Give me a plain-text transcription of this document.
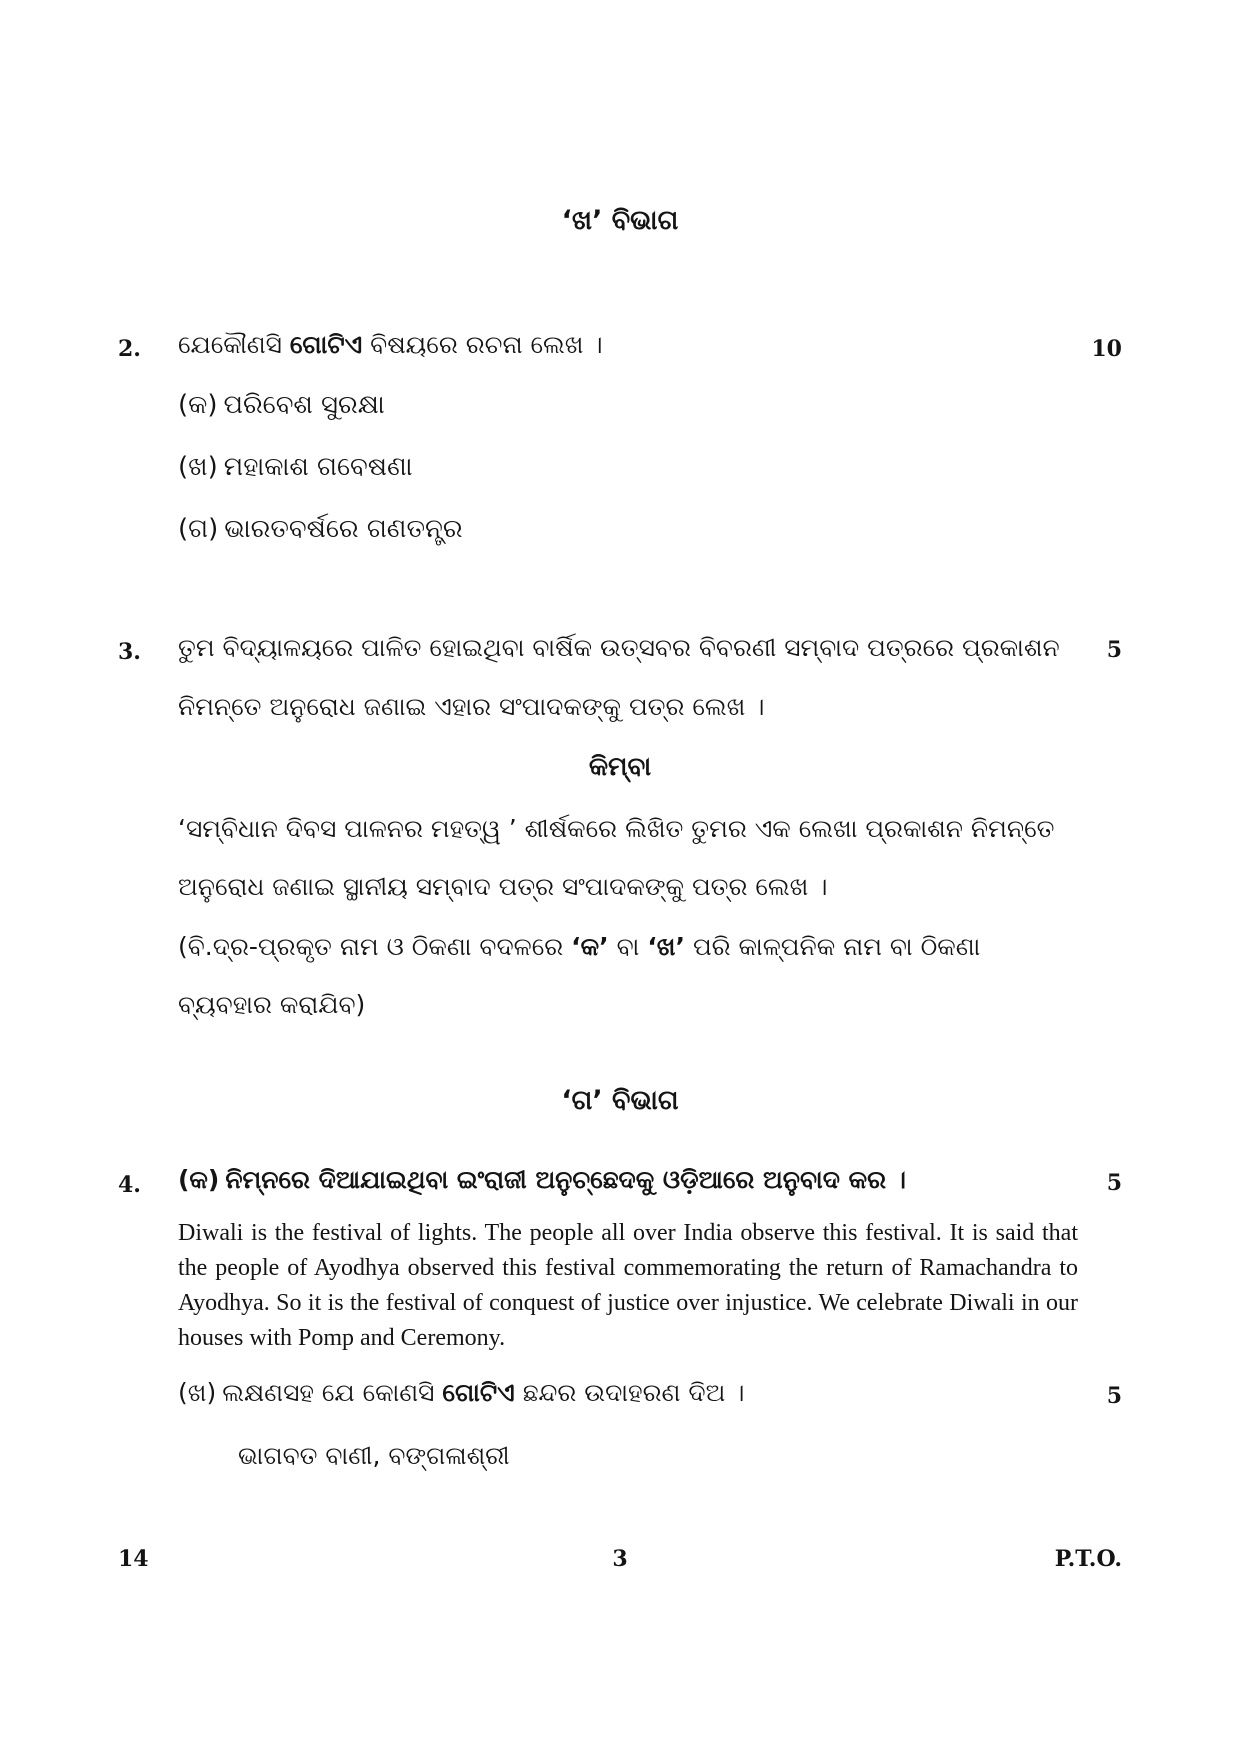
‘ଖ’ ବିଭାଗ
2.	ଯେକୌଣସି ଗୋଟିଏ ବିଷୟରେ ରଚନା ଲେଖ ।	10
(କ) ପରିବେଶ ସୁରକ୍ଷା
(ଖ) ମହାକାଶ ଗବେଷଣା
(ଗ) ଭାରତବର୍ଷରେ ଗଣତନ୍ତ୍ର
3.	ତୁମ ବିଦ୍ୟାଳୟରେ ପାଳିତ ହୋଇଥିବା ବାର୍ଷିକ ଉତ୍ସବର ବିବରଣୀ ସମ୍ବାଦ ପତ୍ରରେ ପ୍ରକାଶନ	5
ନିମନ୍ତେ ଅନୁରୋଧ ଜଣାଇ ଏହାର ସଂପାଦକଙ୍କୁ ପତ୍ର ଲେଖ ।
କିମ୍ବା
‘ସମ୍ବିଧାନ ଦିବସ ପାଳନର ମହତ୍ୱ ’ ଶୀର୍ଷକରେ ଲିଖିତ ତୁମର ଏକ ଲେଖା ପ୍ରକାଶନ ନିମନ୍ତେ
ଅନୁରୋଧ ଜଣାଇ ସ୍ଥାନୀୟ ସମ୍ବାଦ ପତ୍ର ସଂପାଦକଙ୍କୁ ପତ୍ର ଲେଖ ।
(ବି.ଦ୍ର-ପ୍ରକୃତ ନାମ ଓ ଠିକଣା ବଦଳରେ ‘କ’ ବା ‘ଖ’ ପରି କାଳ୍ପନିକ ନାମ ବା ଠିକଣା
ବ୍ୟବହାର କରାଯିବ)
‘ଗ’ ବିଭାଗ
4.	(କ) ନିମ୍ନରେ ଦିଆଯାଇଥିବା ଇଂରାଜୀ ଅନୁଚ୍ଛେଦକୁ ଓଡ଼ିଆରେ ଅନୁବାଦ କର ।	5
Diwali is the festival of lights. The people all over India observe this festival. It is said that the people of Ayodhya observed this festival commemorating the return of Ramachandra to Ayodhya. So it is the festival of conquest of justice over injustice. We celebrate Diwali in our houses with Pomp and Ceremony.
(ଖ) ଲକ୍ଷଣସହ ଯେ କୋଣସି ଗୋଟିଏ ଛନ୍ଦର ଉଦାହରଣ ଦିଅ ।	5
ଭାଗବତ ବାଣୀ, ବଙ୍ଗଳାଶ୍ରୀ
14	3	P.T.O.
